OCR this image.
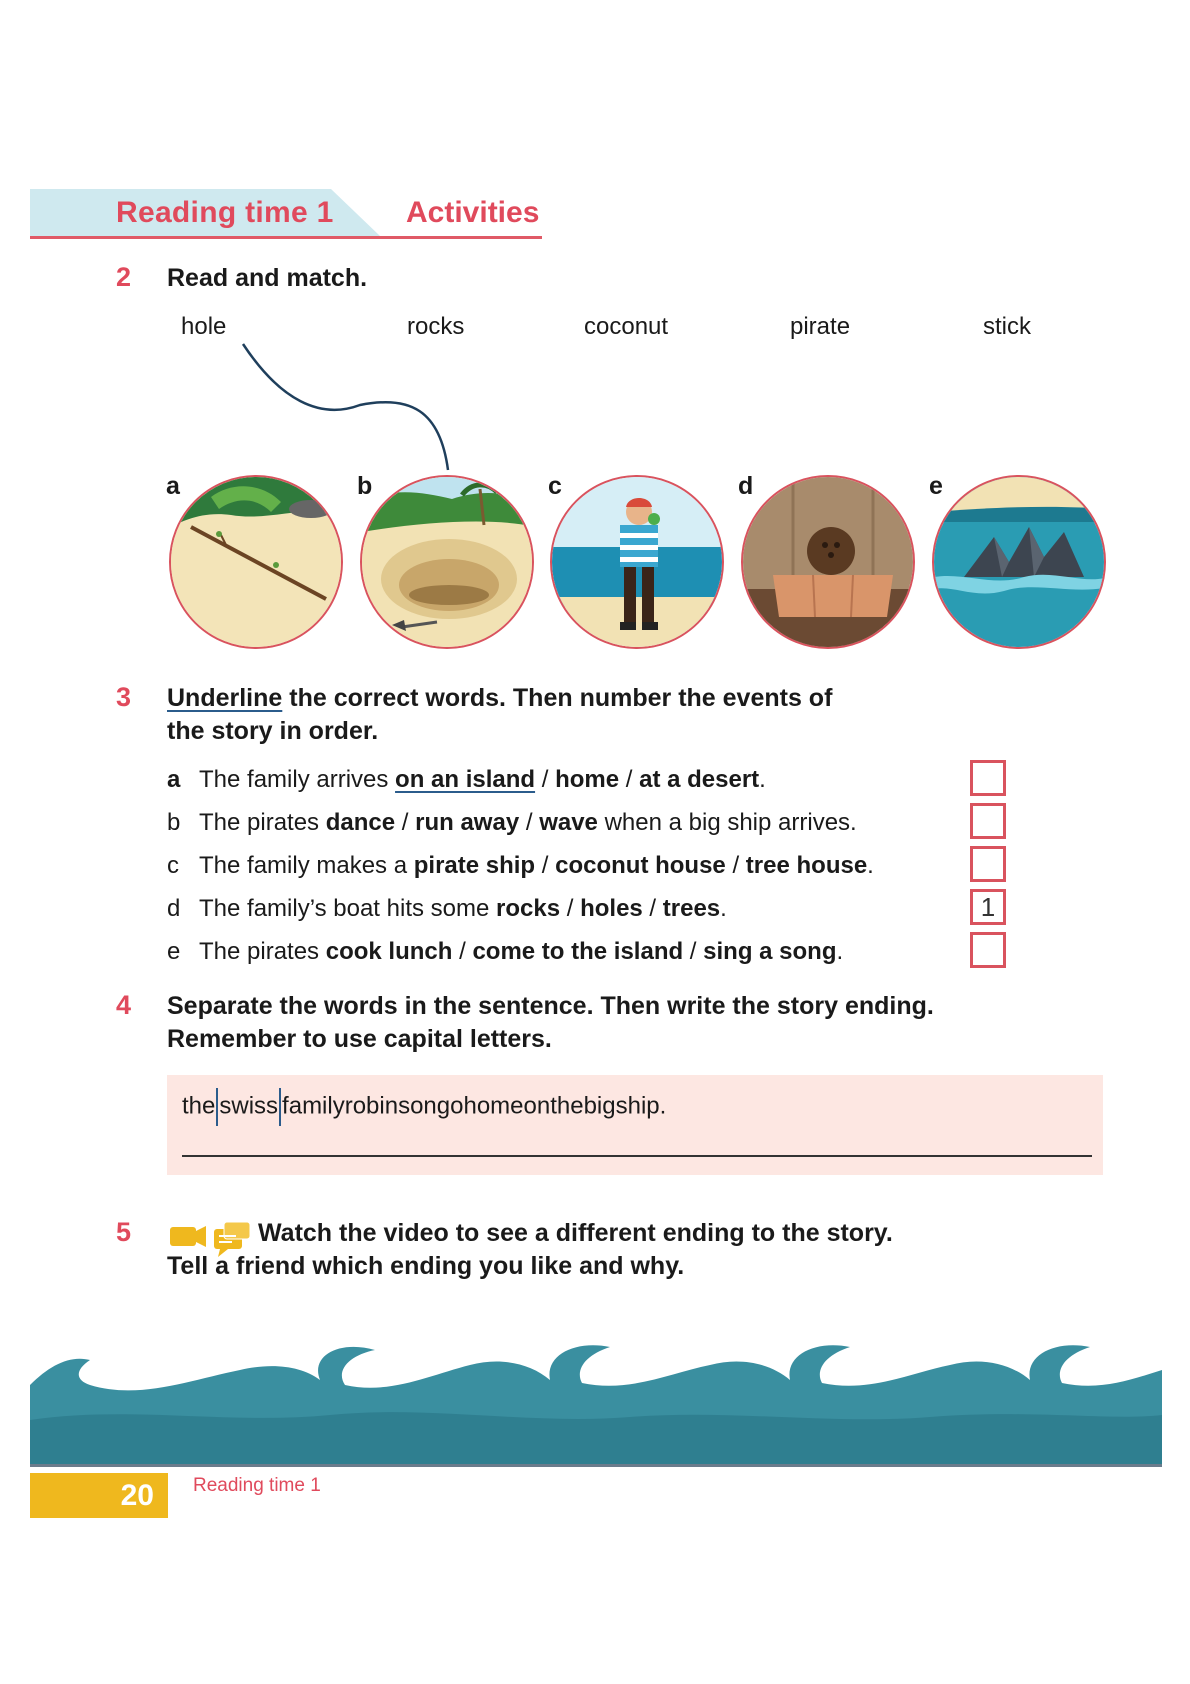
Reading time 1 Activities
2 Read and match.
hole	rocks	coconut	pirate	stick
a	b	c	d	e
3 Underline the correct words. Then number the events of
the story in order.
a The family arrives on an island / home / at a desert.
b The pirates dance / run away / wave when a big ship arrives.
c The family makes a pirate ship / coconut house / tree house.
d The family’s boat hits some rocks / holes / trees.
e The pirates cook lunch / come to the island / sing a song.
1
4 Separate the words in the sentence. Then write the story ending.
Remember to use capital letters.
the swiss familyrobinsongohomeonthebigship.
5	Watch the video to see a different ending to the story.
Tell a friend which ending you like and why.
20	Reading time 1
